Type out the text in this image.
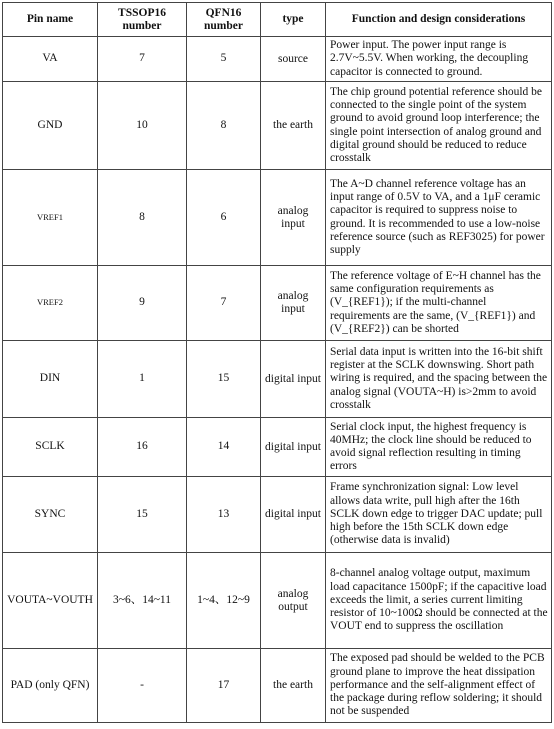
Pin name	TSSOP16 number	QFN16 number	type	Function and design considerations
VA	7	5	source	Power input. The power input range is 2.7V~5.5V. When working, the decoupling capacitor is connected to ground.
GND	10	8	the earth	The chip ground potential reference should be connected to the single point of the system ground to avoid ground loop interference; the single point intersection of analog ground and digital ground should be reduced to reduce crosstalk
VREF1	8	6	analog input	The A~D channel reference voltage has an input range of 0.5V to VA, and a 1μF ceramic capacitor is required to suppress noise to ground. It is recommended to use a low-noise reference source (such as REF3025) for power supply
VREF2	9	7	analog input	The reference voltage of E~H channel has the same configuration requirements as (V_{REF1}); if the multi-channel requirements are the same, (V_{REF1}) and (V_{REF2}) can be shorted
DIN	1	15	digital input	Serial data input is written into the 16-bit shift register at the SCLK downswing. Short path wiring is required, and the spacing between the analog signal (VOUTA~H) is>2mm to avoid crosstalk
SCLK	16	14	digital input	Serial clock input, the highest frequency is 40MHz; the clock line should be reduced to avoid signal reflection resulting in timing errors
SYNC	15	13	digital input	Frame synchronization signal: Low level allows data write, pull high after the 16th SCLK down edge to trigger DAC update; pull high before the 15th SCLK down edge (otherwise data is invalid)
VOUTA~VOUTH	3~6、14~11	1~4、12~9	analog output	8-channel analog voltage output, maximum load capacitance 1500pF; if the capacitive load exceeds the limit, a series current limiting resistor of 10~100Ω should be connected at the VOUT end to suppress the oscillation
PAD (only QFN)	-	17	the earth	The exposed pad should be welded to the PCB ground plane to improve the heat dissipation performance and the self-alignment effect of the package during reflow soldering; it should not be suspended
